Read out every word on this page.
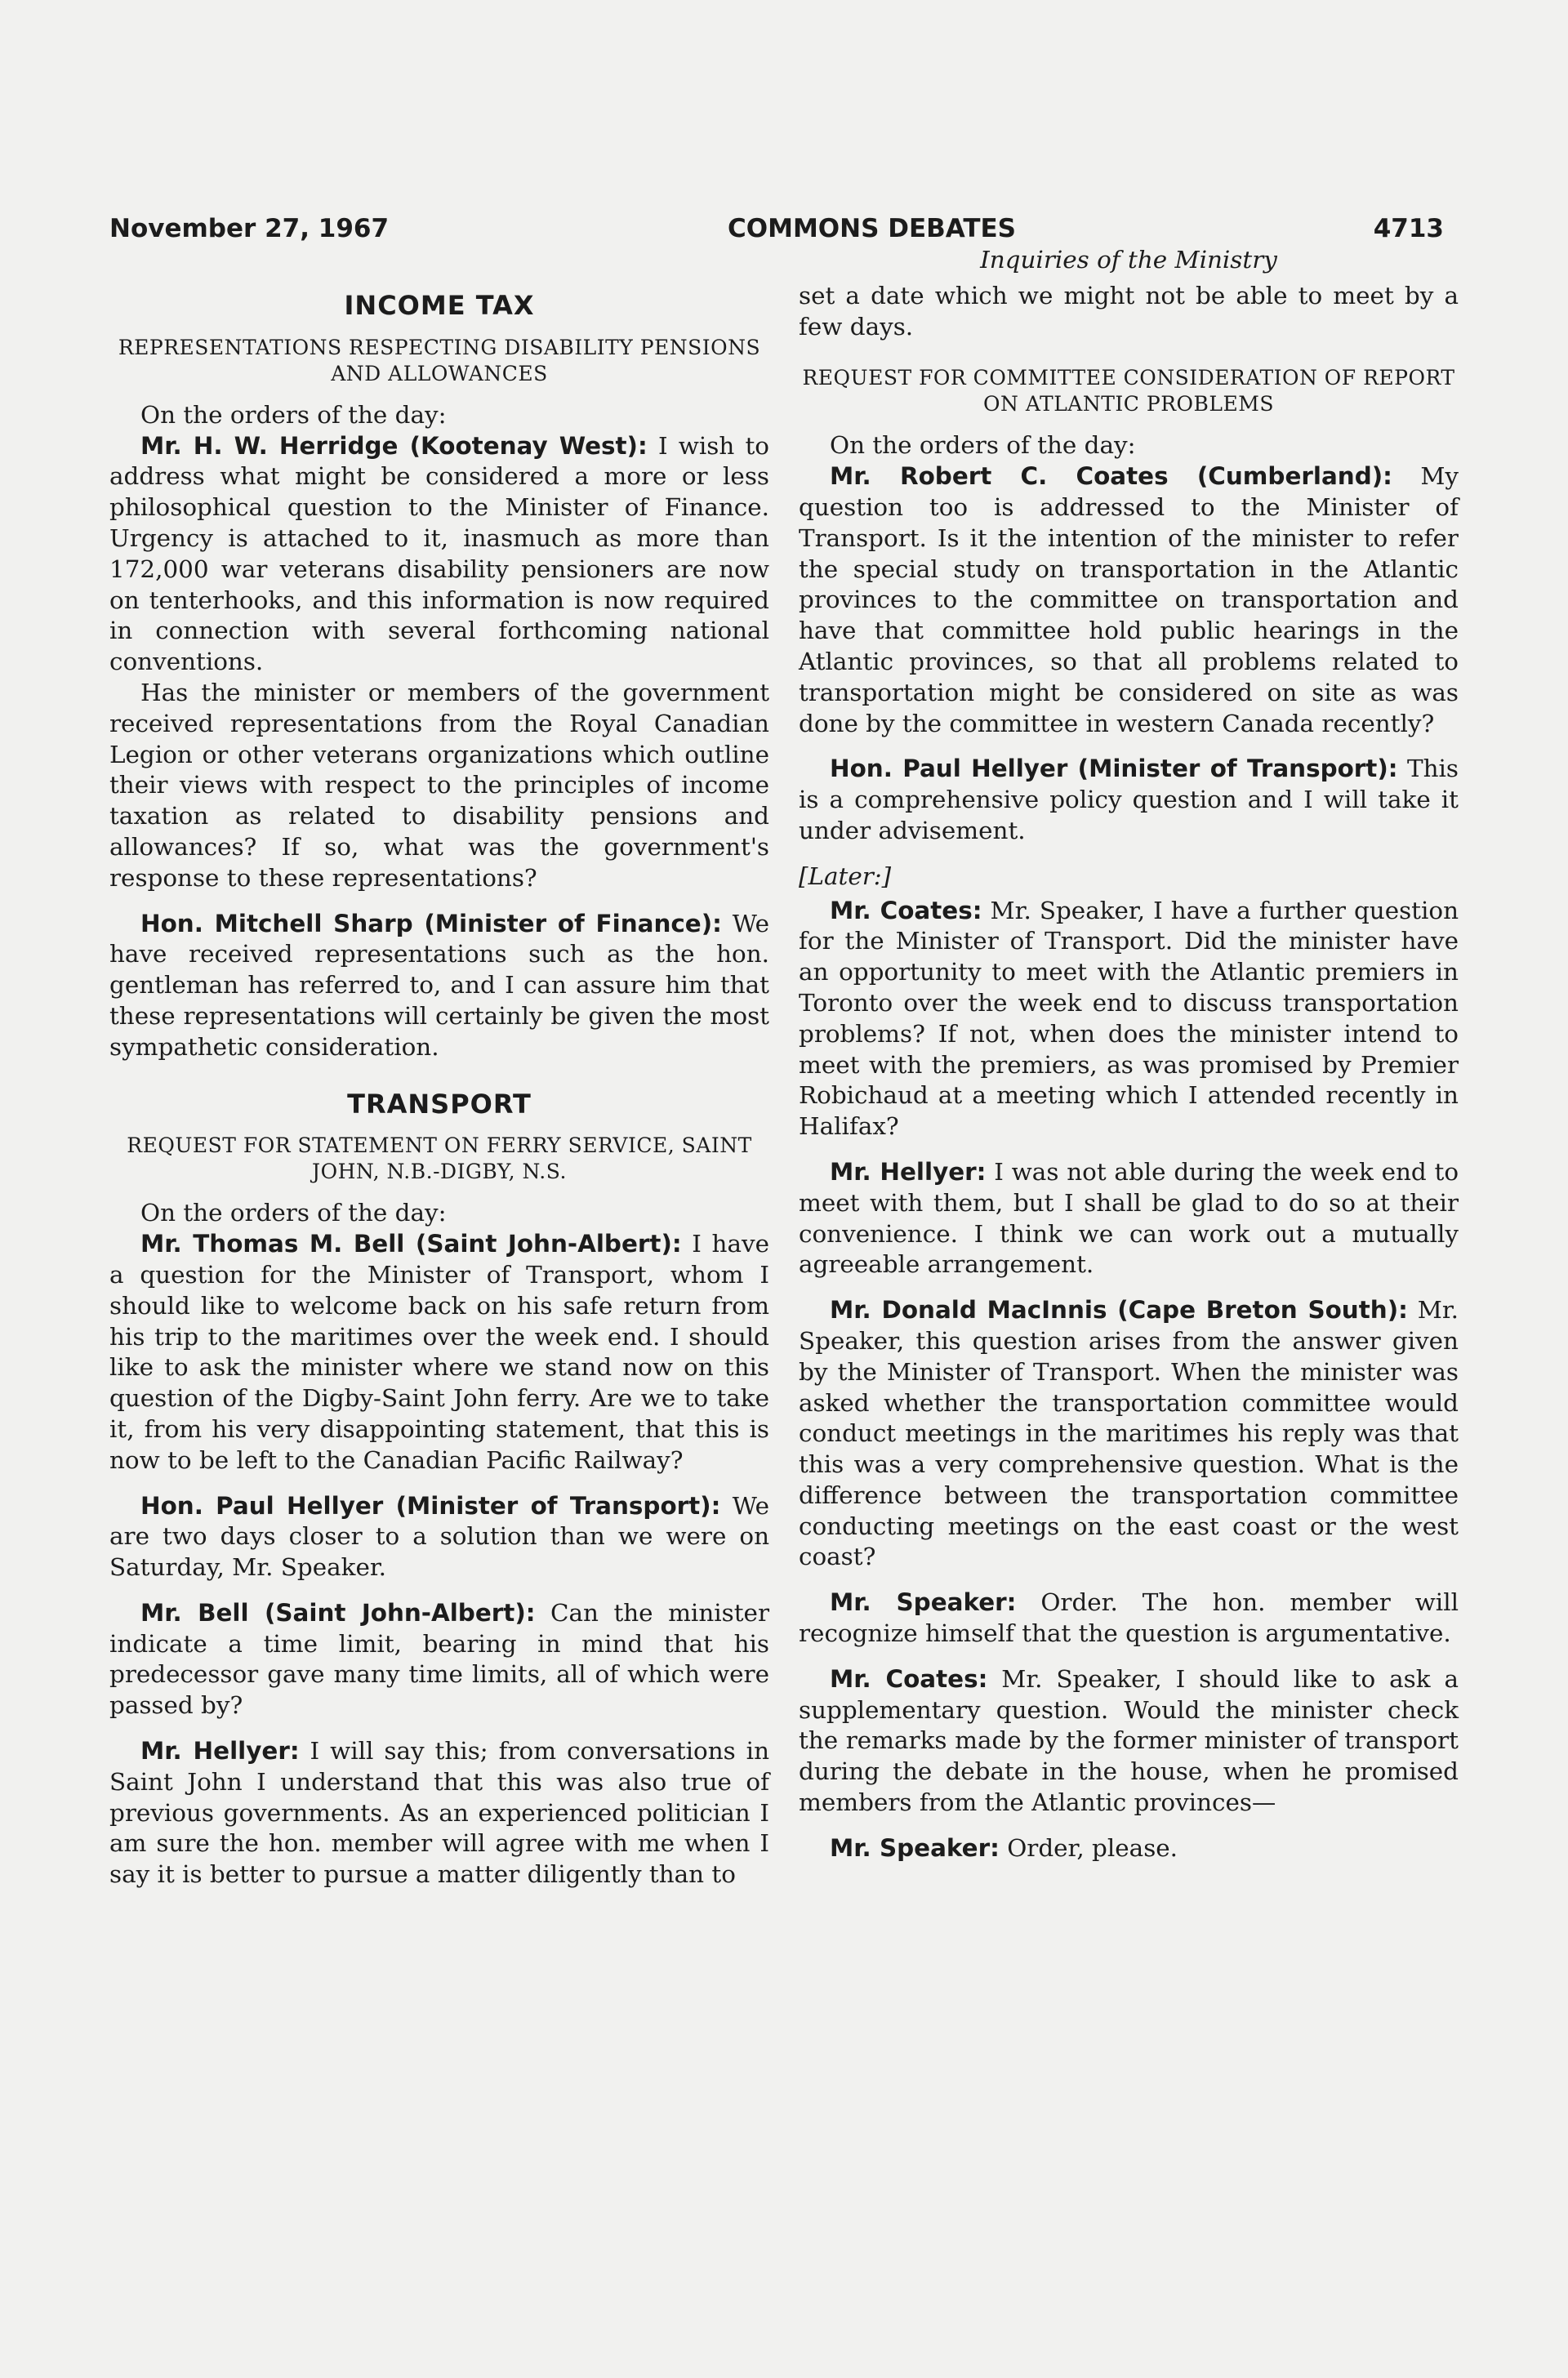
November 27, 1967	COMMONS DEBATES	4713
INCOME TAX
REPRESENTATIONS RESPECTING DISABILITY PENSIONS AND ALLOWANCES

On the orders of the day:

Mr. H. W. Herridge (Kootenay West): I wish to address what might be considered a more or less philosophical question to the Minister of Finance. Urgency is attached to it, inasmuch as more than 172,000 war veterans disability pensioners are now on tenterhooks, and this information is now required in connection with several forthcoming national conventions.

Has the minister or members of the government received representations from the Royal Canadian Legion or other veterans organizations which outline their views with respect to the principles of income taxation as related to disability pensions and allowances? If so, what was the government's response to these representations?

Hon. Mitchell Sharp (Minister of Finance): We have received representations such as the hon. gentleman has referred to, and I can assure him that these representations will certainly be given the most sympathetic consideration.

TRANSPORT
REQUEST FOR STATEMENT ON FERRY SERVICE, SAINT JOHN, N.B.-DIGBY, N.S.

On the orders of the day:

Mr. Thomas M. Bell (Saint John-Albert): I have a question for the Minister of Transport, whom I should like to welcome back on his safe return from his trip to the maritimes over the week end. I should like to ask the minister where we stand now on this question of the Digby-Saint John ferry. Are we to take it, from his very disappointing statement, that this is now to be left to the Canadian Pacific Railway?

Hon. Paul Hellyer (Minister of Transport): We are two days closer to a solution than we were on Saturday, Mr. Speaker.

Mr. Bell (Saint John-Albert): Can the minister indicate a time limit, bearing in mind that his predecessor gave many time limits, all of which were passed by?

Mr. Hellyer: I will say this; from conversations in Saint John I understand that this was also true of previous governments. As an experienced politician I am sure the hon. member will agree with me when I say it is better to pursue a matter diligently than to

Inquiries of the Ministry

set a date which we might not be able to meet by a few days.

REQUEST FOR COMMITTEE CONSIDERATION OF REPORT ON ATLANTIC PROBLEMS

On the orders of the day:

Mr. Robert C. Coates (Cumberland): My question too is addressed to the Minister of Transport. Is it the intention of the minister to refer the special study on transportation in the Atlantic provinces to the committee on transportation and have that committee hold public hearings in the Atlantic provinces, so that all problems related to transportation might be considered on site as was done by the committee in western Canada recently?

Hon. Paul Hellyer (Minister of Transport): This is a comprehensive policy question and I will take it under advisement.

[Later:]

Mr. Coates: Mr. Speaker, I have a further question for the Minister of Transport. Did the minister have an opportunity to meet with the Atlantic premiers in Toronto over the week end to discuss transportation problems? If not, when does the minister intend to meet with the premiers, as was promised by Premier Robichaud at a meeting which I attended recently in Halifax?

Mr. Hellyer: I was not able during the week end to meet with them, but I shall be glad to do so at their convenience. I think we can work out a mutually agreeable arrangement.

Mr. Donald MacInnis (Cape Breton South): Mr. Speaker, this question arises from the answer given by the Minister of Transport. When the minister was asked whether the transportation committee would conduct meetings in the maritimes his reply was that this was a very comprehensive question. What is the difference between the transportation committee conducting meetings on the east coast or the west coast?

Mr. Speaker: Order. The hon. member will recognize himself that the question is argumentative.

Mr. Coates: Mr. Speaker, I should like to ask a supplementary question. Would the minister check the remarks made by the former minister of transport during the debate in the house, when he promised members from the Atlantic provinces—

Mr. Speaker: Order, please.
